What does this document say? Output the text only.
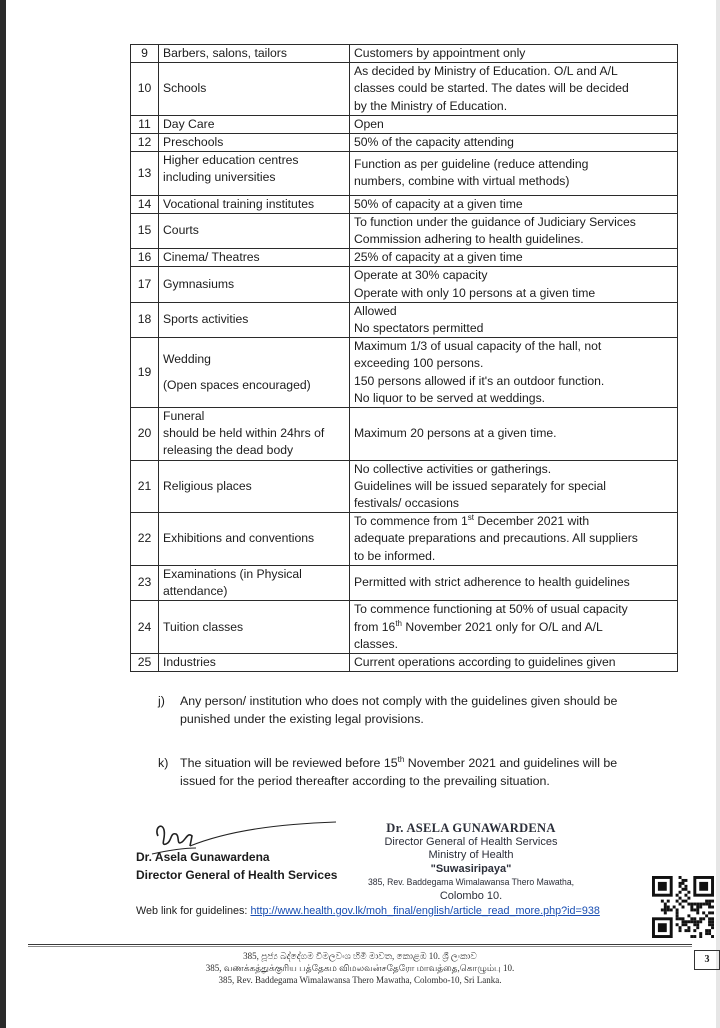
9	Barbers, salons, tailors	Customers by appointment only

10	Schools	As decided by Ministry of Education. O/L and A/L
classes could be started. The dates will be decided
by the Ministry of Education.

11	Day Care	Open

12	Preschools	50% of the capacity attending

13	Higher education centres
including universities	Function as per guideline (reduce attending
numbers, combine with virtual methods)

14	Vocational training institutes	50% of capacity at a given time

15	Courts	To function under the guidance of Judiciary Services
Commission adhering to health guidelines.

16	Cinema/ Theatres	25% of capacity at a given time

17	Gymnasiums	Operate at 30% capacity
Operate with only 10 persons at a given time

18	Sports activities	Allowed
No spectators permitted

19	Wedding
(Open spaces encouraged)	Maximum 1/3 of usual capacity of the hall, not
exceeding 100 persons.
150 persons allowed if it's an outdoor function.
No liquor to be served at weddings.

20	Funeral
should be held within 24hrs of
releasing the dead body	Maximum 20 persons at a given time.

21	Religious places	No collective activities or gatherings.
Guidelines will be issued separately for special
festivals/ occasions

22	Exhibitions and conventions	To commence from 1st December 2021 with
adequate preparations and precautions. All suppliers
to be informed.

23	Examinations (in Physical
attendance)	Permitted with strict adherence to health guidelines

24	Tuition classes	To commence functioning at 50% of usual capacity
from 16th November 2021 only for O/L and A/L
classes.

25	Industries	Current operations according to guidelines given
j) Any person/ institution who does not comply with the guidelines given should be
punished under the existing legal provisions.
k) The situation will be reviewed before 15th November 2021 and guidelines will be
issued for the period thereafter according to the prevailing situation.
Dr. Asela Gunawardena
Director General of Health Services
Dr. ASELA GUNAWARDENA
Director General of Health Services
Ministry of Health
"Suwasiripaya"
385, Rev. Baddegama Wimalawansa Thero Mawatha,
Colombo 10.
Web link for guidelines: http://www.health.gov.lk/moh_final/english/article_read_more.php?id=938
385, පූජ්‍ය බද්දේගම විමලවංශ හිමි මාවත, කොළඹ 10. ශ්‍රී ලංකාව
385, வணக்கத்துக்குரிய பத்தேகம விமலவன்சதேரோ மாவத்தை,கொழும்பு 10.
385, Rev. Baddegama Wimalawansa Thero Mawatha, Colombo-10, Sri Lanka.
3
